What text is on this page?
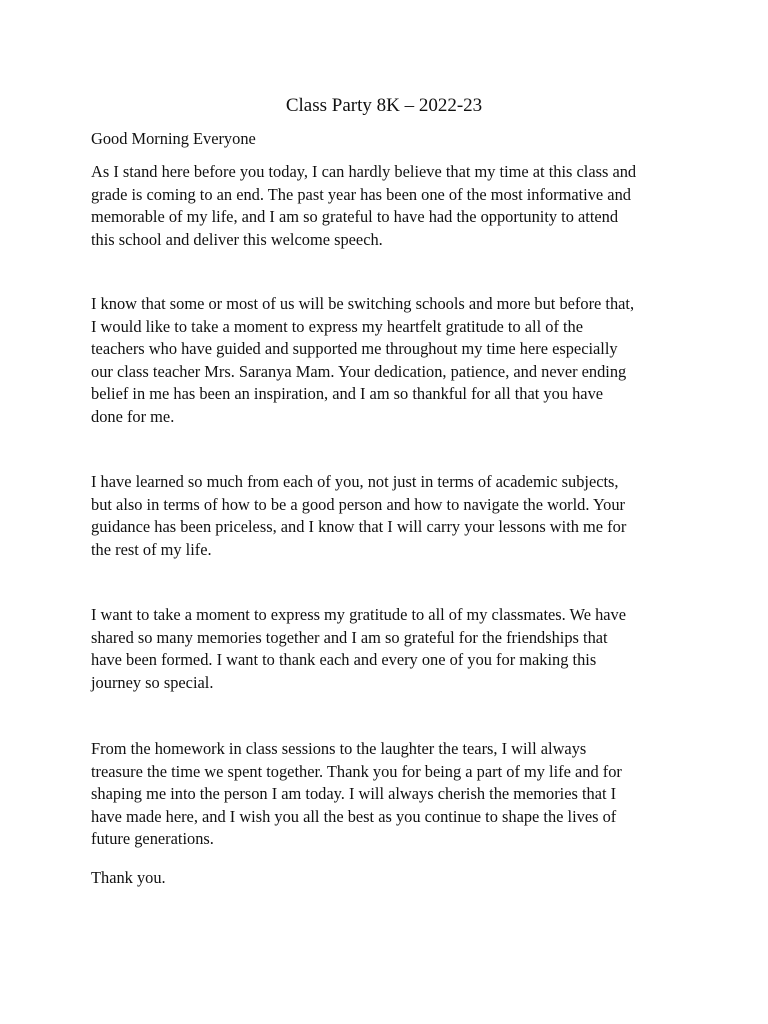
Class Party 8K – 2022-23

Good Morning Everyone

As I stand here before you today, I can hardly believe that my time at this class and
grade is coming to an end. The past year has been one of the most informative and
memorable of my life, and I am so grateful to have had the opportunity to attend
this school and deliver this welcome speech.

I know that some or most of us will be switching schools and more but before that,
I would like to take a moment to express my heartfelt gratitude to all of the
teachers who have guided and supported me throughout my time here especially
our class teacher Mrs. Saranya Mam. Your dedication, patience, and never ending
belief in me has been an inspiration, and I am so thankful for all that you have
done for me.

I have learned so much from each of you, not just in terms of academic subjects,
but also in terms of how to be a good person and how to navigate the world. Your
guidance has been priceless, and I know that I will carry your lessons with me for
the rest of my life.

I want to take a moment to express my gratitude to all of my classmates. We have
shared so many memories together and I am so grateful for the friendships that
have been formed. I want to thank each and every one of you for making this
journey so special.

From the homework in class sessions to the laughter the tears, I will always
treasure the time we spent together. Thank you for being a part of my life and for
shaping me into the person I am today. I will always cherish the memories that I
have made here, and I wish you all the best as you continue to shape the lives of
future generations.

Thank you.
